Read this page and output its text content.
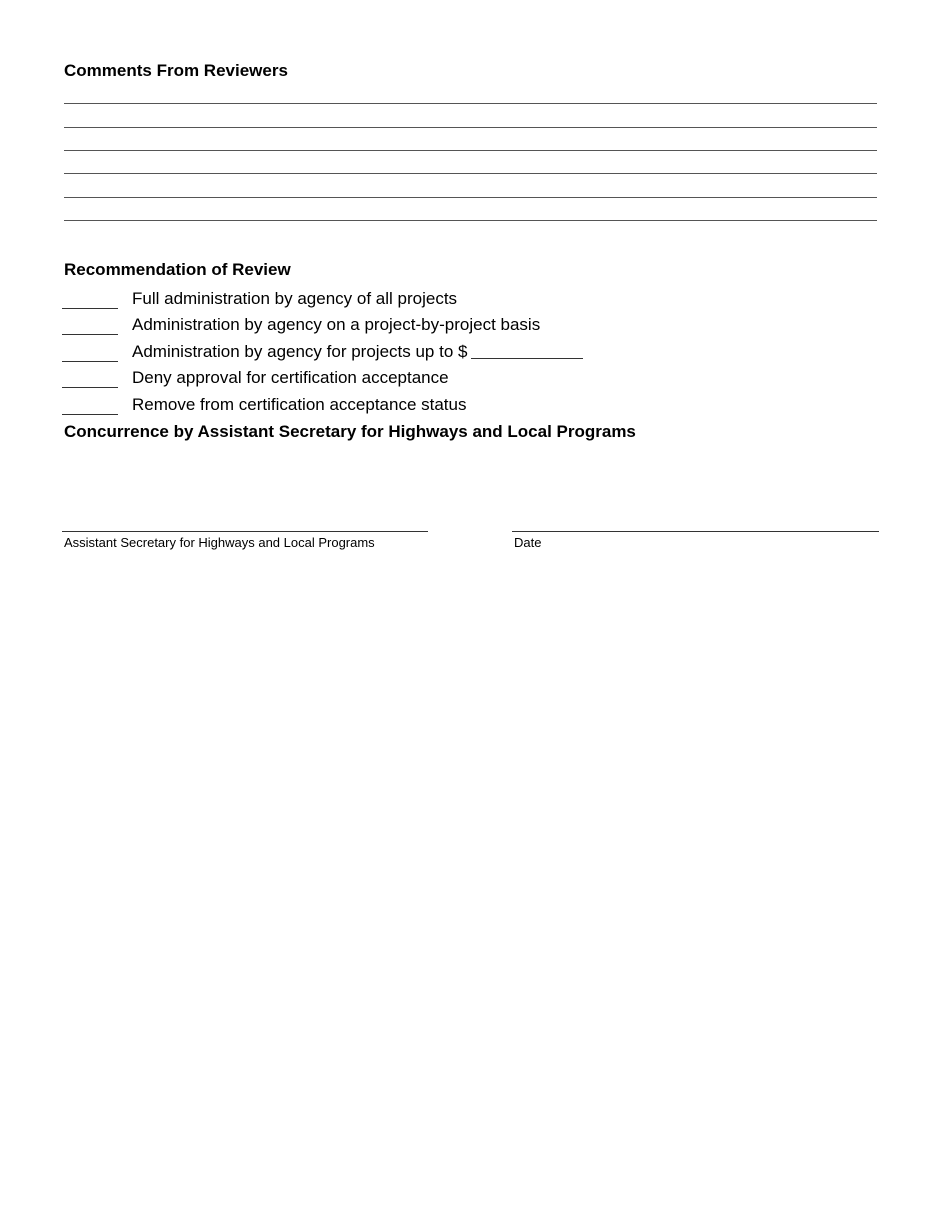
Comments From Reviewers
Recommendation of Review
Full administration by agency of all projects
Administration by agency on a project-by-project basis
Administration by agency for projects up to $
Deny approval for certification acceptance
Remove from certification acceptance status
Concurrence by Assistant Secretary for Highways and Local Programs
Assistant Secretary for Highways and Local Programs	Date
